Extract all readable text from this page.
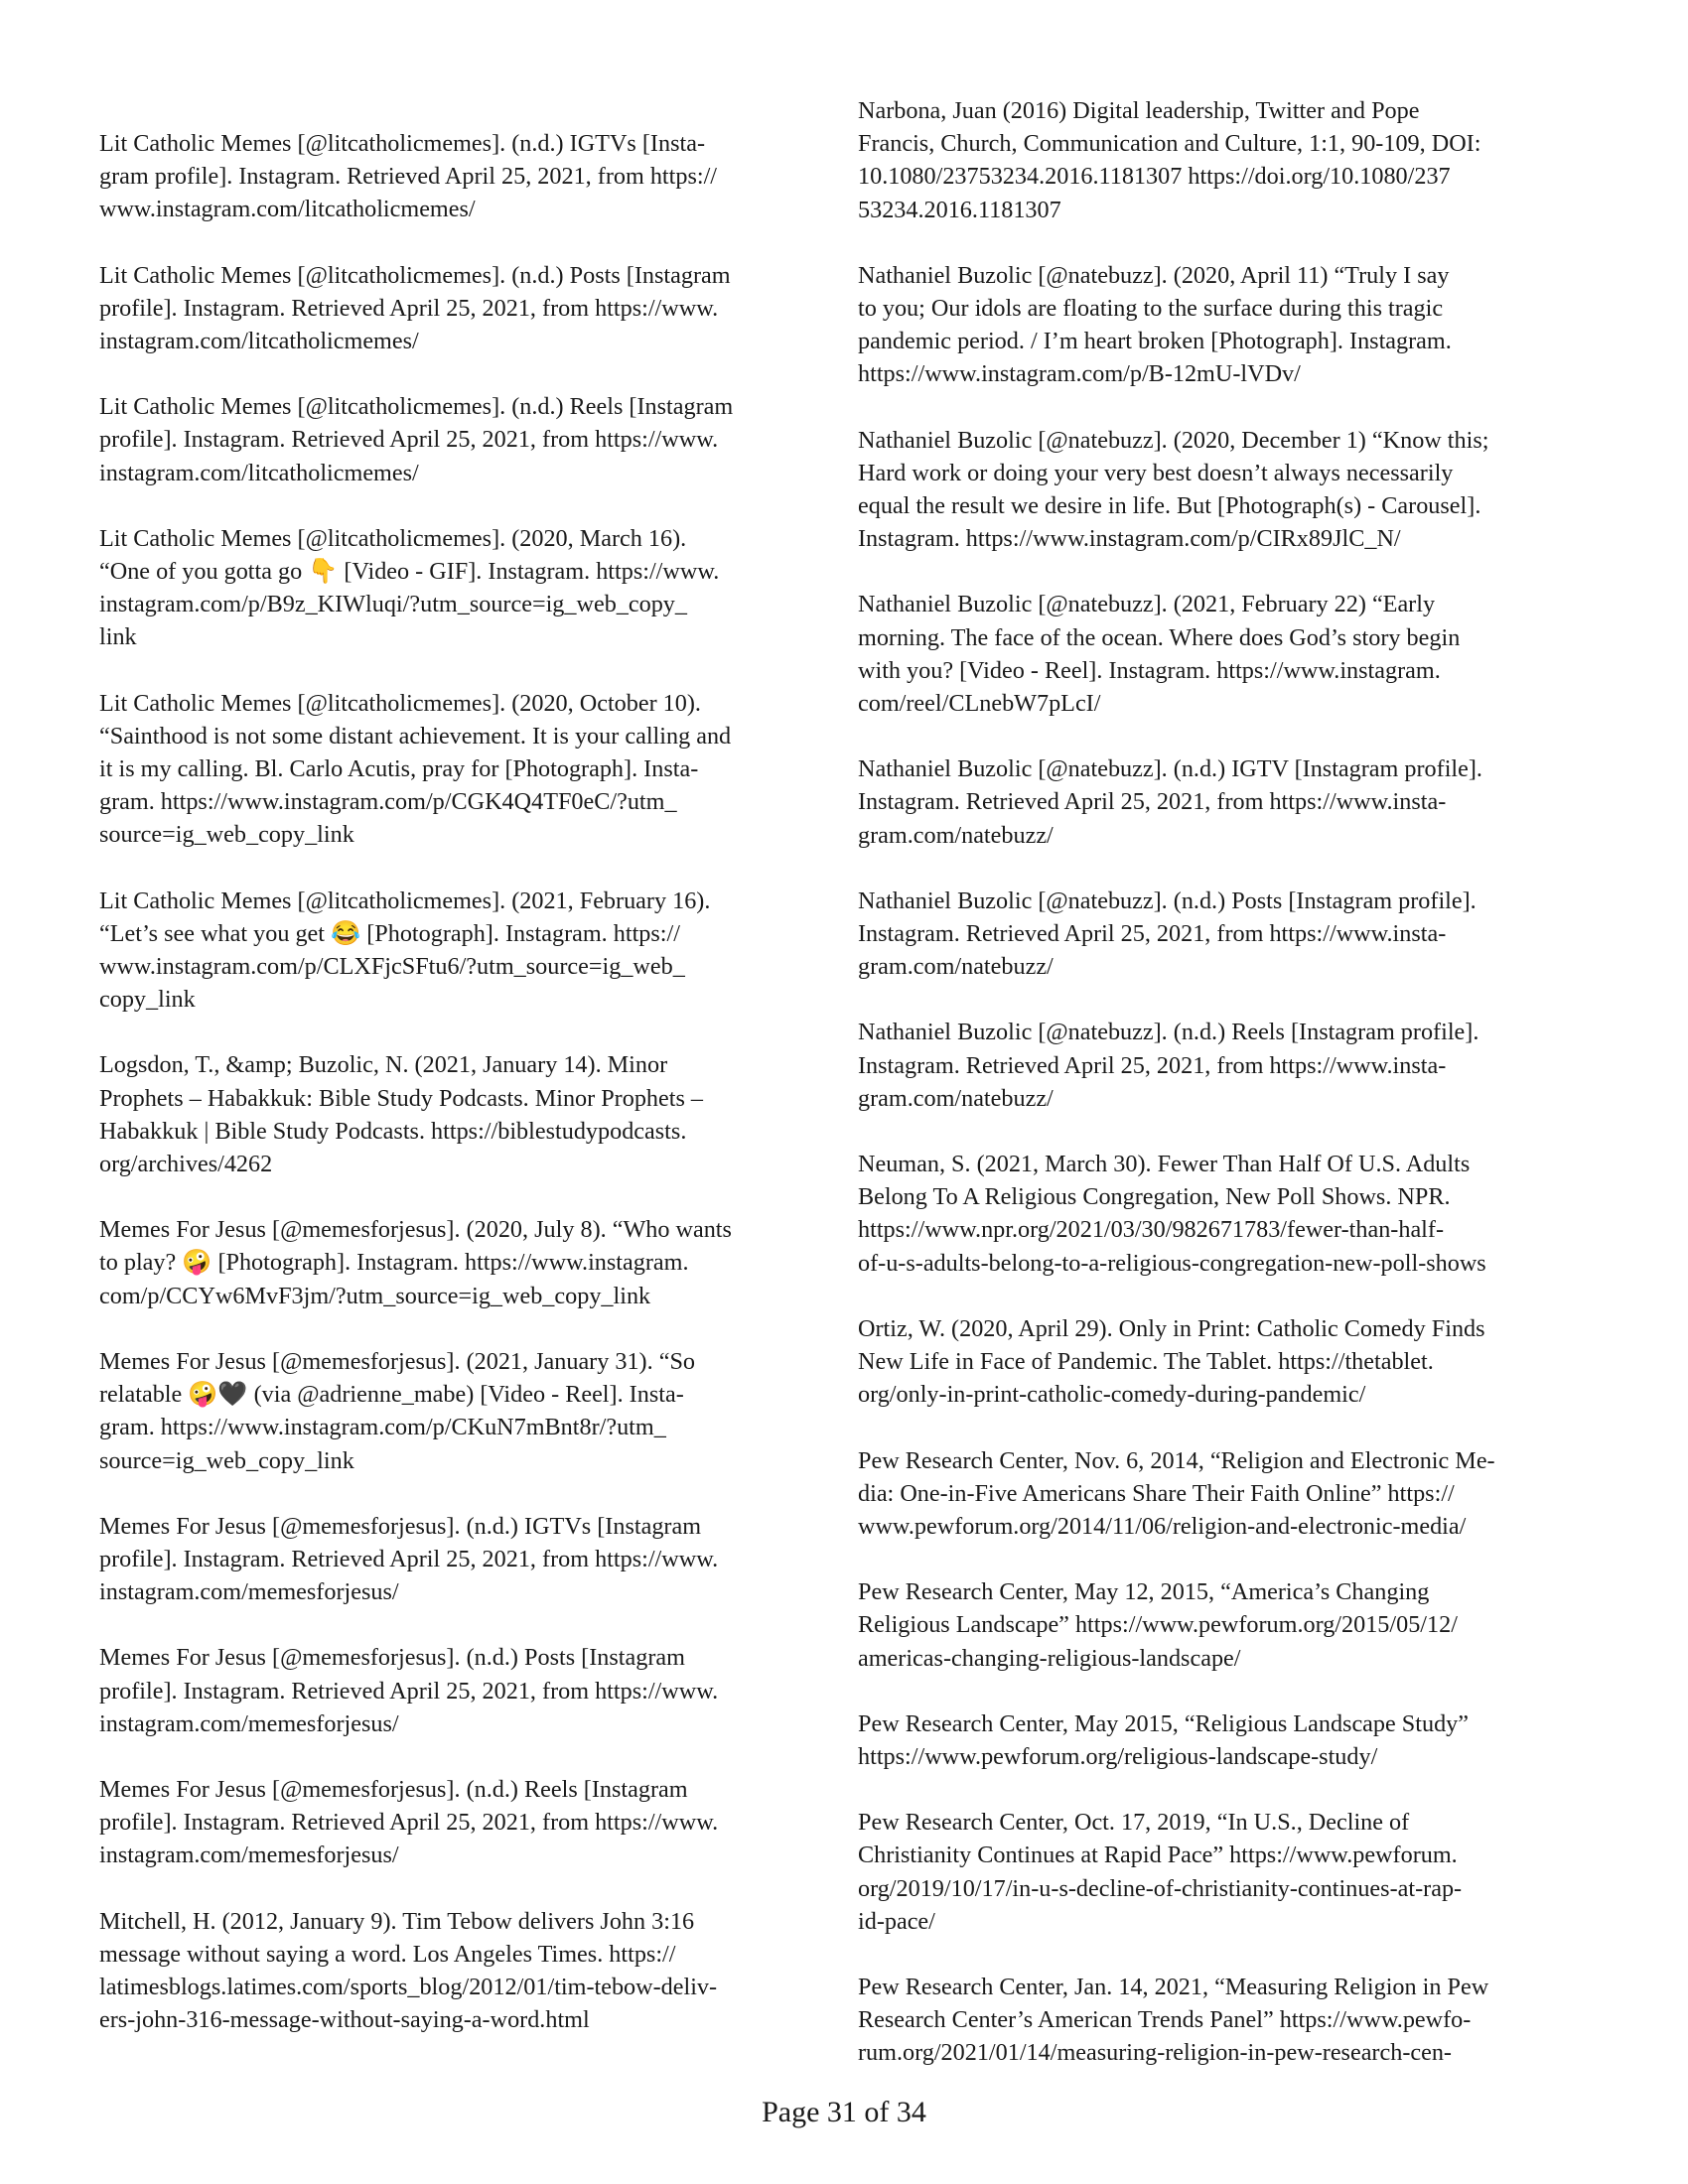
Lit Catholic Memes [@litcatholicmemes]. (n.d.) IGTVs [Insta-
gram profile]. Instagram. Retrieved April 25, 2021, from https://
www.instagram.com/litcatholicmemes/

Lit Catholic Memes [@litcatholicmemes]. (n.d.) Posts [Instagram
profile]. Instagram. Retrieved April 25, 2021, from https://www.
instagram.com/litcatholicmemes/

Lit Catholic Memes [@litcatholicmemes]. (n.d.) Reels [Instagram
profile]. Instagram. Retrieved April 25, 2021, from https://www.
instagram.com/litcatholicmemes/

Lit Catholic Memes [@litcatholicmemes]. (2020, March 16).
“One of you gotta go 👇 [Video - GIF]. Instagram. https://www.
instagram.com/p/B9z_KIWluqi/?utm_source=ig_web_copy_
link

Lit Catholic Memes [@litcatholicmemes]. (2020, October 10).
“Sainthood is not some distant achievement. It is your calling and
it is my calling. Bl. Carlo Acutis, pray for [Photograph]. Insta-
gram. https://www.instagram.com/p/CGK4Q4TF0eC/?utm_
source=ig_web_copy_link

Lit Catholic Memes [@litcatholicmemes]. (2021, February 16).
“Let’s see what you get 😂 [Photograph]. Instagram. https://
www.instagram.com/p/CLXFjcSFtu6/?utm_source=ig_web_
copy_link

Logsdon, T., &amp; Buzolic, N. (2021, January 14). Minor
Prophets – Habakkuk: Bible Study Podcasts. Minor Prophets –
Habakkuk | Bible Study Podcasts. https://biblestudypodcasts.
org/archives/4262

Memes For Jesus [@memesforjesus]. (2020, July 8). “Who wants
to play? 🤪 [Photograph]. Instagram. https://www.instagram.
com/p/CCYw6MvF3jm/?utm_source=ig_web_copy_link

Memes For Jesus [@memesforjesus]. (2021, January 31). “So
relatable 🤪🖤 (via @adrienne_mabe) [Video - Reel]. Insta-
gram. https://www.instagram.com/p/CKuN7mBnt8r/?utm_
source=ig_web_copy_link

Memes For Jesus [@memesforjesus]. (n.d.) IGTVs [Instagram
profile]. Instagram. Retrieved April 25, 2021, from https://www.
instagram.com/memesforjesus/

Memes For Jesus [@memesforjesus]. (n.d.) Posts [Instagram
profile]. Instagram. Retrieved April 25, 2021, from https://www.
instagram.com/memesforjesus/

Memes For Jesus [@memesforjesus]. (n.d.) Reels [Instagram
profile]. Instagram. Retrieved April 25, 2021, from https://www.
instagram.com/memesforjesus/

Mitchell, H. (2012, January 9). Tim Tebow delivers John 3:16
message without saying a word. Los Angeles Times. https://
latimesblogs.latimes.com/sports_blog/2012/01/tim-tebow-deliv-
ers-john-316-message-without-saying-a-word.html

Narbona, Juan (2016) Digital leadership, Twitter and Pope
Francis, Church, Communication and Culture, 1:1, 90-109, DOI:
10.1080/23753234.2016.1181307 https://doi.org/10.1080/237
53234.2016.1181307

Nathaniel Buzolic [@natebuzz]. (2020, April 11) “Truly I say
to you; Our idols are floating to the surface during this tragic
pandemic period. / I’m heart broken [Photograph]. Instagram.
https://www.instagram.com/p/B-12mU-lVDv/

Nathaniel Buzolic [@natebuzz]. (2020, December 1) “Know this;
Hard work or doing your very best doesn’t always necessarily
equal the result we desire in life. But [Photograph(s) - Carousel].
Instagram. https://www.instagram.com/p/CIRx89JlC_N/

Nathaniel Buzolic [@natebuzz]. (2021, February 22) “Early
morning. The face of the ocean. Where does God’s story begin
with you? [Video - Reel]. Instagram. https://www.instagram.
com/reel/CLnebW7pLcI/

Nathaniel Buzolic [@natebuzz]. (n.d.) IGTV [Instagram profile].
Instagram. Retrieved April 25, 2021, from https://www.insta-
gram.com/natebuzz/

Nathaniel Buzolic [@natebuzz]. (n.d.) Posts [Instagram profile].
Instagram. Retrieved April 25, 2021, from https://www.insta-
gram.com/natebuzz/

Nathaniel Buzolic [@natebuzz]. (n.d.) Reels [Instagram profile].
Instagram. Retrieved April 25, 2021, from https://www.insta-
gram.com/natebuzz/

Neuman, S. (2021, March 30). Fewer Than Half Of U.S. Adults
Belong To A Religious Congregation, New Poll Shows. NPR.
https://www.npr.org/2021/03/30/982671783/fewer-than-half-
of-u-s-adults-belong-to-a-religious-congregation-new-poll-shows

Ortiz, W. (2020, April 29). Only in Print: Catholic Comedy Finds
New Life in Face of Pandemic. The Tablet. https://thetablet.
org/only-in-print-catholic-comedy-during-pandemic/

Pew Research Center, Nov. 6, 2014, “Religion and Electronic Me-
dia: One-in-Five Americans Share Their Faith Online” https://
www.pewforum.org/2014/11/06/religion-and-electronic-media/

Pew Research Center, May 12, 2015, “America’s Changing
Religious Landscape” https://www.pewforum.org/2015/05/12/
americas-changing-religious-landscape/

Pew Research Center, May 2015, “Religious Landscape Study”
https://www.pewforum.org/religious-landscape-study/

Pew Research Center, Oct. 17, 2019, “In U.S., Decline of
Christianity Continues at Rapid Pace” https://www.pewforum.
org/2019/10/17/in-u-s-decline-of-christianity-continues-at-rap-
id-pace/

Pew Research Center, Jan. 14, 2021, “Measuring Religion in Pew
Research Center’s American Trends Panel” https://www.pewfo-
rum.org/2021/01/14/measuring-religion-in-pew-research-cen-

Page 31 of 34
